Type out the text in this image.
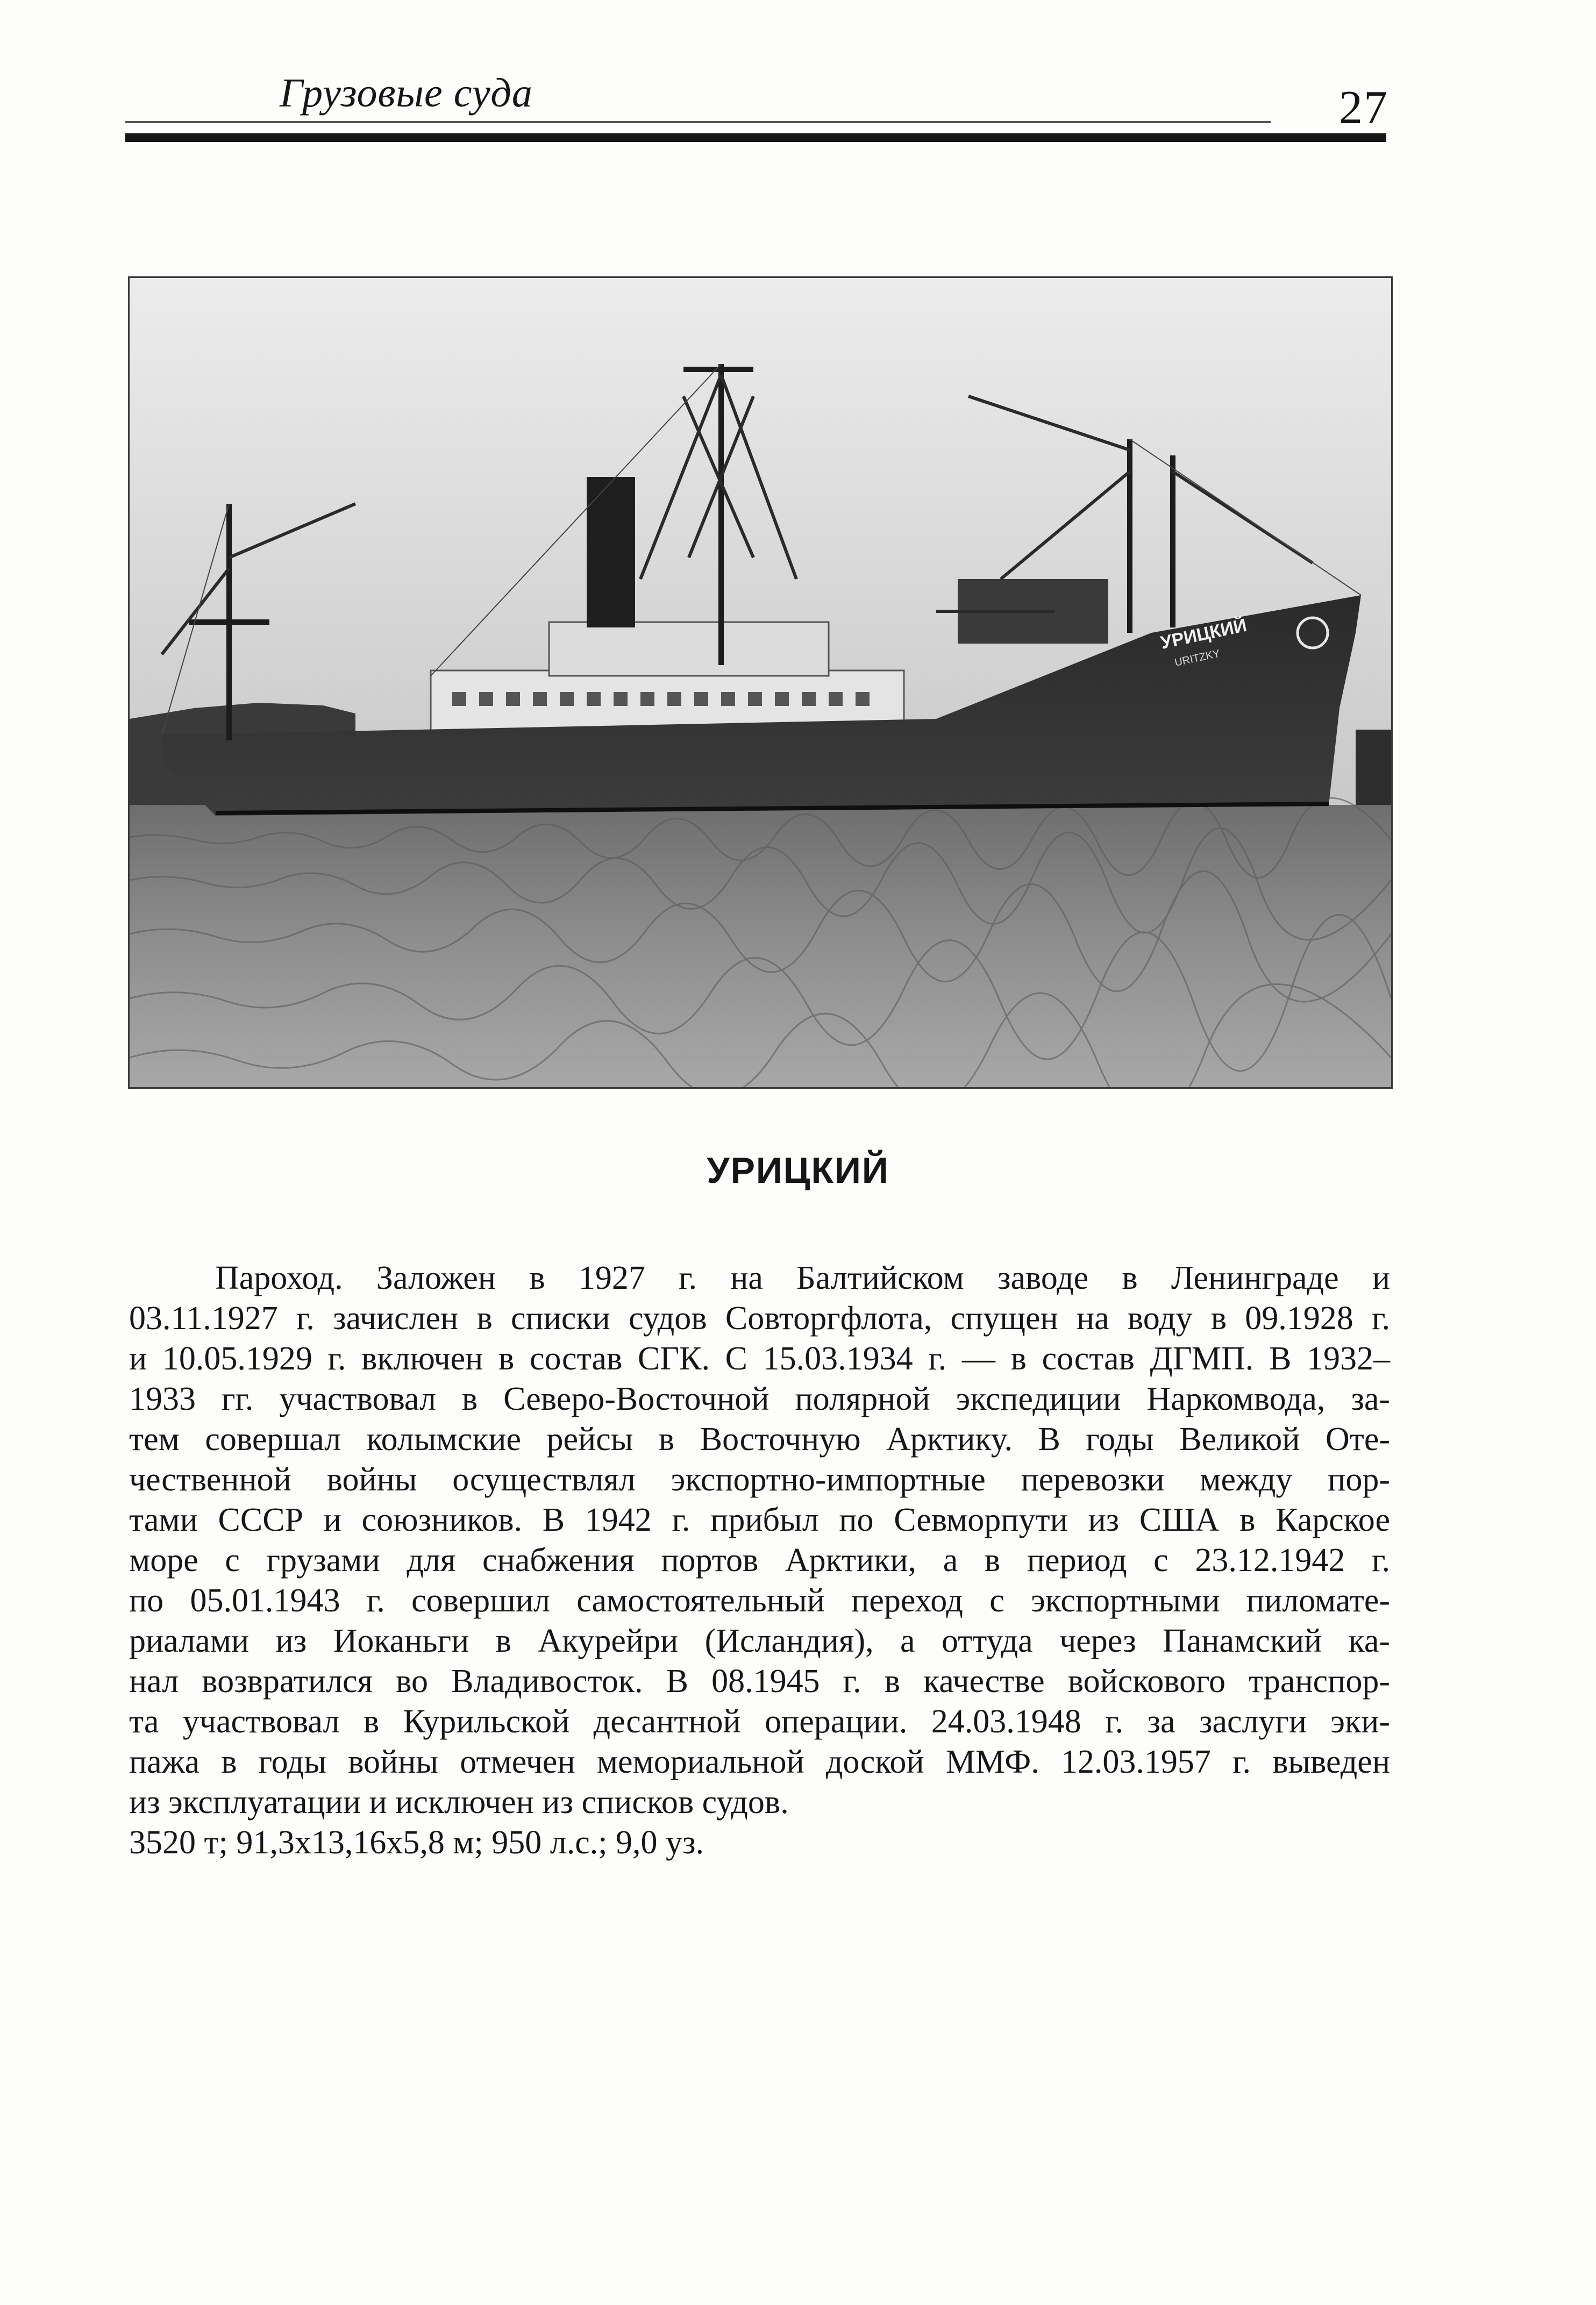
Грузовые суда	27
УРИЦКИЙ
URITZKY
УРИЦКИЙ
Пароход. Заложен в 1927 г. на Балтийском заводе в Ленинграде и
03.11.1927 г. зачислен в списки судов Совторгфлота, спущен на воду в 09.1928 г.
и 10.05.1929 г. включен в состав СГК. С 15.03.1934 г. — в состав ДГМП. В 1932–
1933 гг. участвовал в Северо-Восточной полярной экспедиции Наркомвода, за-
тем совершал колымские рейсы в Восточную Арктику. В годы Великой Оте-
чественной войны осуществлял экспортно-импортные перевозки между пор-
тами СССР и союзников. В 1942 г. прибыл по Севморпути из США в Карское
море с грузами для снабжения портов Арктики, а в период с 23.12.1942 г.
по 05.01.1943 г. совершил самостоятельный переход с экспортными пиломате-
риалами из Иоканьги в Акурейри (Исландия), а оттуда через Панамский ка-
нал возвратился во Владивосток. В 08.1945 г. в качестве войскового транспор-
та участвовал в Курильской десантной операции. 24.03.1948 г. за заслуги эки-
пажа в годы войны отмечен мемориальной доской ММФ. 12.03.1957 г. выведен
из эксплуатации и исключен из списков судов.
3520 т; 91,3х13,16х5,8 м; 950 л.с.; 9,0 уз.
